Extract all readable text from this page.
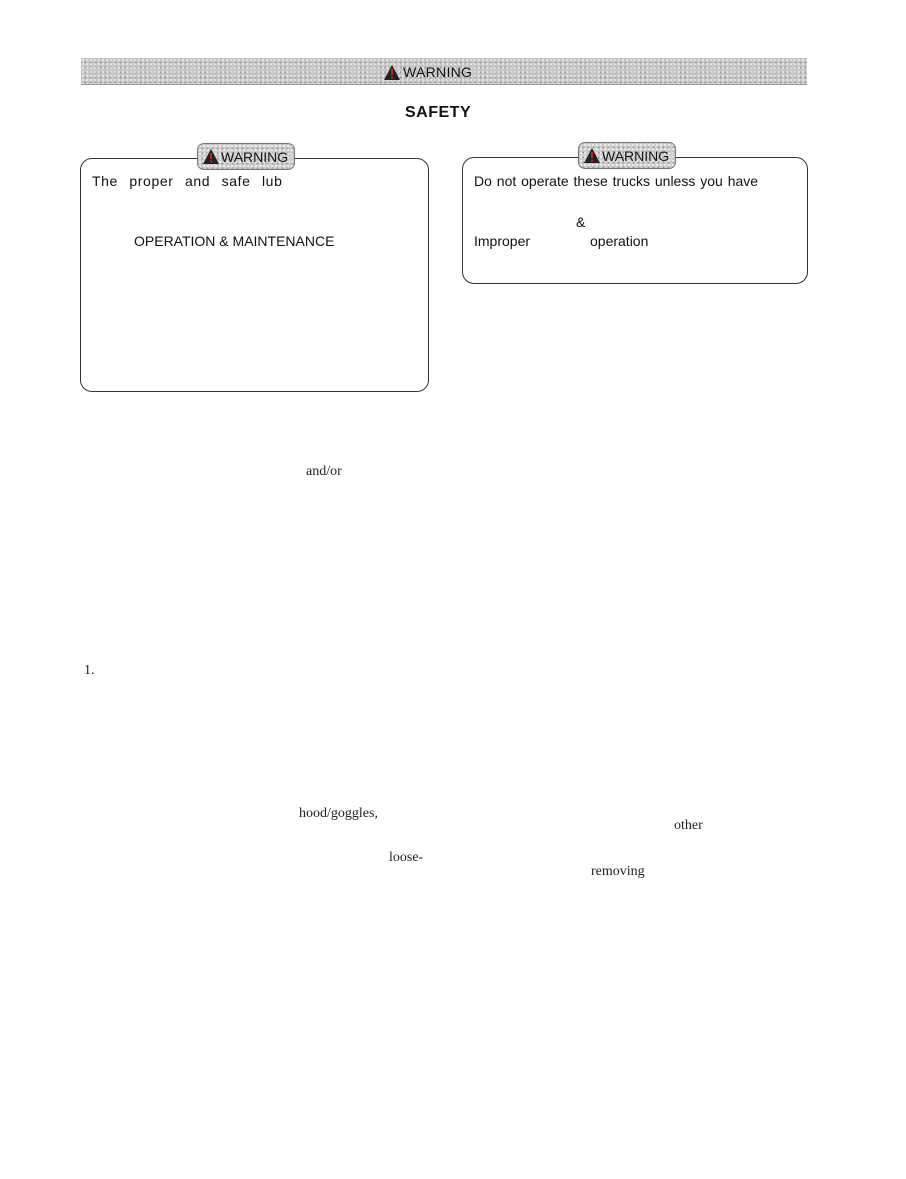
WARNING
SAFETY
WARNING
The proper and safe lub
OPERATION & MAINTENANCE
WARNING
Do not operate these trucks unless you have
&
Improper	operation
and/or
1.
hood/goggles,
other
loose-
removing
